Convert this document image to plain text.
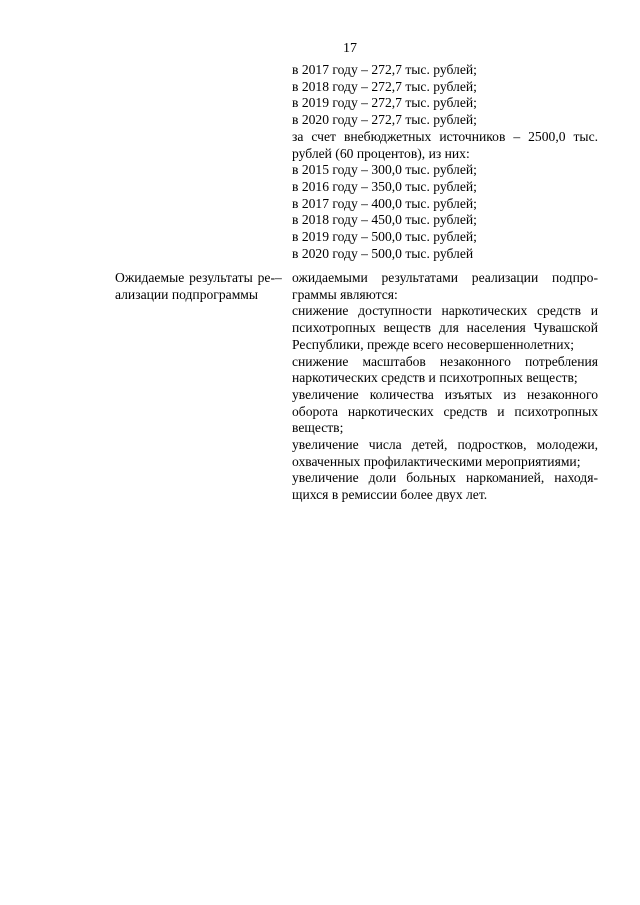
17
в 2017 году – 272,7 тыс. рублей;
в 2018 году – 272,7 тыс. рублей;
в 2019 году – 272,7 тыс. рублей;
в 2020 году – 272,7 тыс. рублей;
за счет внебюджетных источников – 2500,0 тыс.
рублей (60 процентов), из них:
в 2015 году – 300,0 тыс. рублей;
в 2016 году – 350,0 тыс. рублей;
в 2017 году – 400,0 тыс. рублей;
в 2018 году – 450,0 тыс. рублей;
в 2019 году – 500,0 тыс. рублей;
в 2020 году – 500,0 тыс. рублей
Ожидаемые результаты ре-
ализации подпрограммы
– ожидаемыми результатами реализации подпро-
граммы являются:
снижение доступности наркотических средств и
психотропных веществ для населения Чувашской
Республики, прежде всего несовершеннолетних;
снижение масштабов незаконного потребления
наркотических средств и психотропных веществ;
увеличение количества изъятых из незаконного
оборота наркотических средств и психотропных
веществ;
увеличение числа детей, подростков, молодежи,
охваченных профилактическими мероприятиями;
увеличение доли больных наркоманией, находя-
щихся в ремиссии более двух лет.
